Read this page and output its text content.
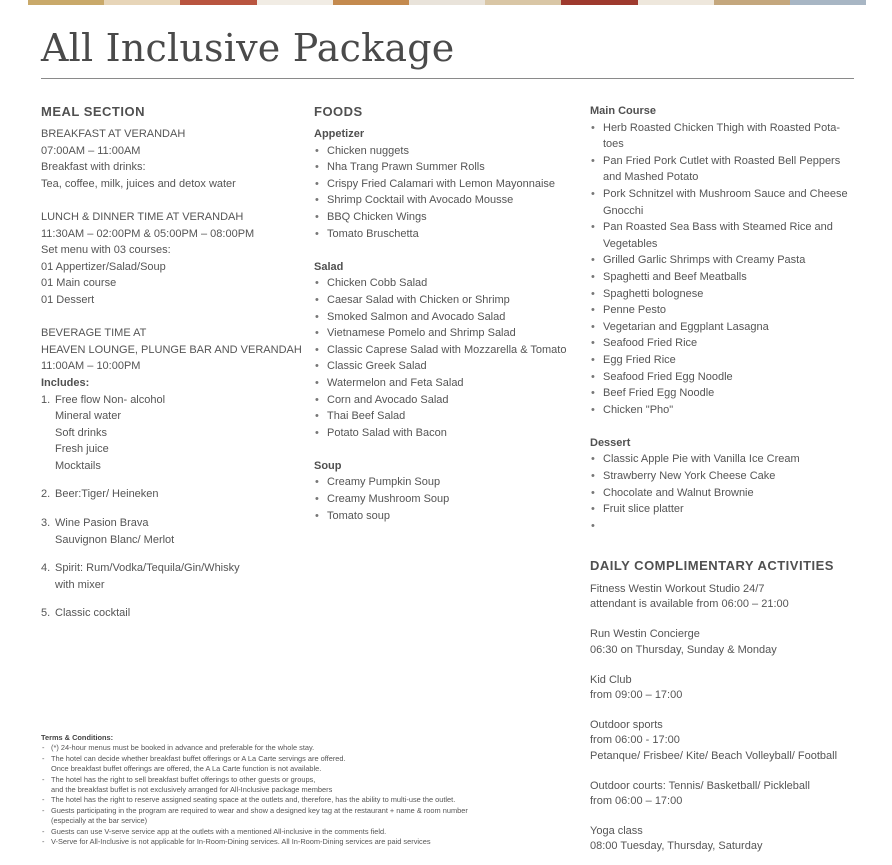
All Inclusive Package
MEAL SECTION
BREAKFAST AT VERANDAH
07:00AM – 11:00AM
Breakfast with drinks:
Tea, coffee, milk, juices and detox water
LUNCH & DINNER TIME AT VERANDAH
11:30AM – 02:00PM & 05:00PM – 08:00PM
Set menu with 03 courses:
01 Appertizer/Salad/Soup
01 Main course
01 Dessert
BEVERAGE TIME AT
HEAVEN LOUNGE, PLUNGE BAR AND VERANDAH
11:00AM – 10:00PM
Includes:
1. Free flow Non- alcohol
Mineral water
Soft drinks
Fresh juice
Mocktails
2. Beer:Tiger/ Heineken
3. Wine Pasion Brava
Sauvignon Blanc/ Merlot
4. Spirit: Rum/Vodka/Tequila/Gin/Whisky
with mixer
5. Classic cocktail
FOODS
Appetizer
• Chicken nuggets
• Nha Trang Prawn Summer Rolls
• Crispy Fried Calamari with Lemon Mayonnaise
• Shrimp Cocktail with Avocado Mousse
• BBQ Chicken Wings
• Tomato Bruschetta
Salad
• Chicken Cobb Salad
• Caesar Salad with Chicken or Shrimp
• Smoked Salmon and Avocado Salad
• Vietnamese Pomelo and Shrimp Salad
• Classic Caprese Salad with Mozzarella & Tomato
• Classic Greek Salad
• Watermelon and Feta Salad
• Corn and Avocado Salad
• Thai Beef Salad
• Potato Salad with Bacon
Soup
• Creamy Pumpkin Soup
• Creamy Mushroom Soup
• Tomato soup
Main Course
• Herb Roasted Chicken Thigh with Roasted Pota-
toes
• Pan Fried Pork Cutlet with Roasted Bell Peppers
and Mashed Potato
• Pork Schnitzel with Mushroom Sauce and Cheese
Gnocchi
• Pan Roasted Sea Bass with Steamed Rice and
Vegetables
• Grilled Garlic Shrimps with Creamy Pasta
• Spaghetti and Beef Meatballs
• Spaghetti bolognese
• Penne Pesto
• Vegetarian and Eggplant Lasagna
• Seafood Fried Rice
• Egg Fried Rice
• Seafood Fried Egg Noodle
• Beef Fried Egg Noodle
• Chicken "Pho"
Dessert
• Classic Apple Pie with Vanilla Ice Cream
• Strawberry New York Cheese Cake
• Chocolate and Walnut Brownie
• Fruit slice platter
DAILY COMPLIMENTARY ACTIVITIES
Fitness Westin Workout Studio 24/7
attendant is available from 06:00 – 21:00
Run Westin Concierge
06:30 on Thursday, Sunday & Monday
Kid Club
from 09:00 – 17:00
Outdoor sports
from 06:00 - 17:00
Petanque/ Frisbee/ Kite/ Beach Volleyball/ Football
Outdoor courts: Tennis/ Basketball/ Pickleball
from 06:00 – 17:00
Yoga class
08:00 Tuesday, Thursday, Saturday
Terms & Conditions:
- (*) 24-hour menus must be booked in advance and preferable for the whole stay.
- The hotel can decide whether breakfast buffet offerings or A La Carte servings are offered.
Once breakfast buffet offerings are offered, the A La Carte function is not available.
- The hotel has the right to sell breakfast buffet offerings to other guests or groups,
and the breakfast buffet is not exclusively arranged for All-Inclusive package members
- The hotel has the right to reserve assigned seating space at the outlets and, therefore, has the ability to multi-use the outlet.
- Guests participating in the program are required to wear and show a designed key tag at the restaurant + name & room number
(especially at the bar service)
- Guests can use V-serve service app at the outlets with a mentioned All-inclusive in the comments field.
- V-Serve for All-Inclusive is not applicable for In-Room-Dining services. All In-Room-Dining services are paid services
